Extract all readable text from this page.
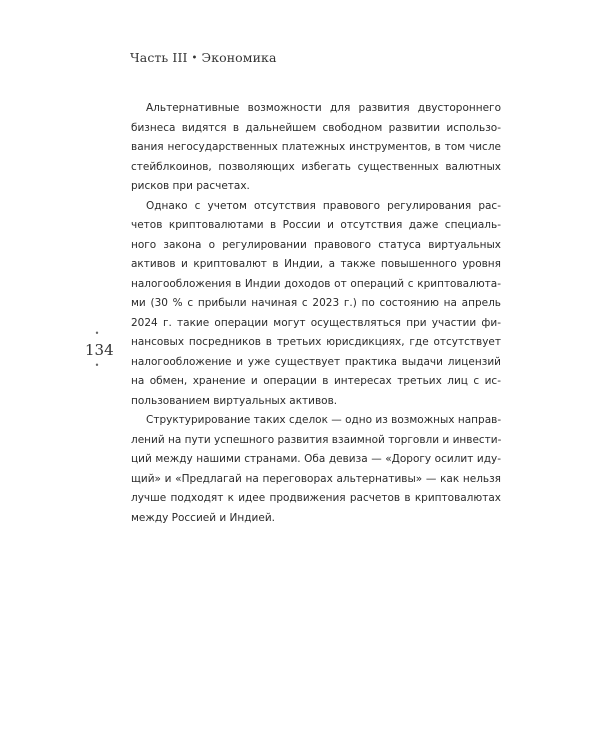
Часть III • Экономика
•
134
•
Альтернативные возможности для развития двустороннего
бизнеса видятся в дальнейшем свободном развитии использо-
вания негосударственных платежных инструментов, в том числе
стейблкоинов, позволяющих избегать существенных валютных
рисков при расчетах.
Однако с учетом отсутствия правового регулирования рас-
четов криптовалютами в России и отсутствия даже специаль-
ного закона о регулировании правового статуса виртуальных
активов и криптовалют в Индии, а также повышенного уровня
налогообложения в Индии доходов от операций с криптовалюта-
ми (30 % с прибыли начиная с 2023 г.) по состоянию на апрель
2024 г. такие операции могут осуществляться при участии фи-
нансовых посредников в третьих юрисдикциях, где отсутствует
налогообложение и уже существует практика выдачи лицензий
на обмен, хранение и операции в интересах третьих лиц с ис-
пользованием виртуальных активов.
Структурирование таких сделок — одно из возможных направ-
лений на пути успешного развития взаимной торговли и инвести-
ций между нашими странами. Оба девиза — «Дорогу осилит иду-
щий» и «Предлагай на переговорах альтернативы» — как нельзя
лучше подходят к идее продвижения расчетов в криптовалютах
между Россией и Индией.
